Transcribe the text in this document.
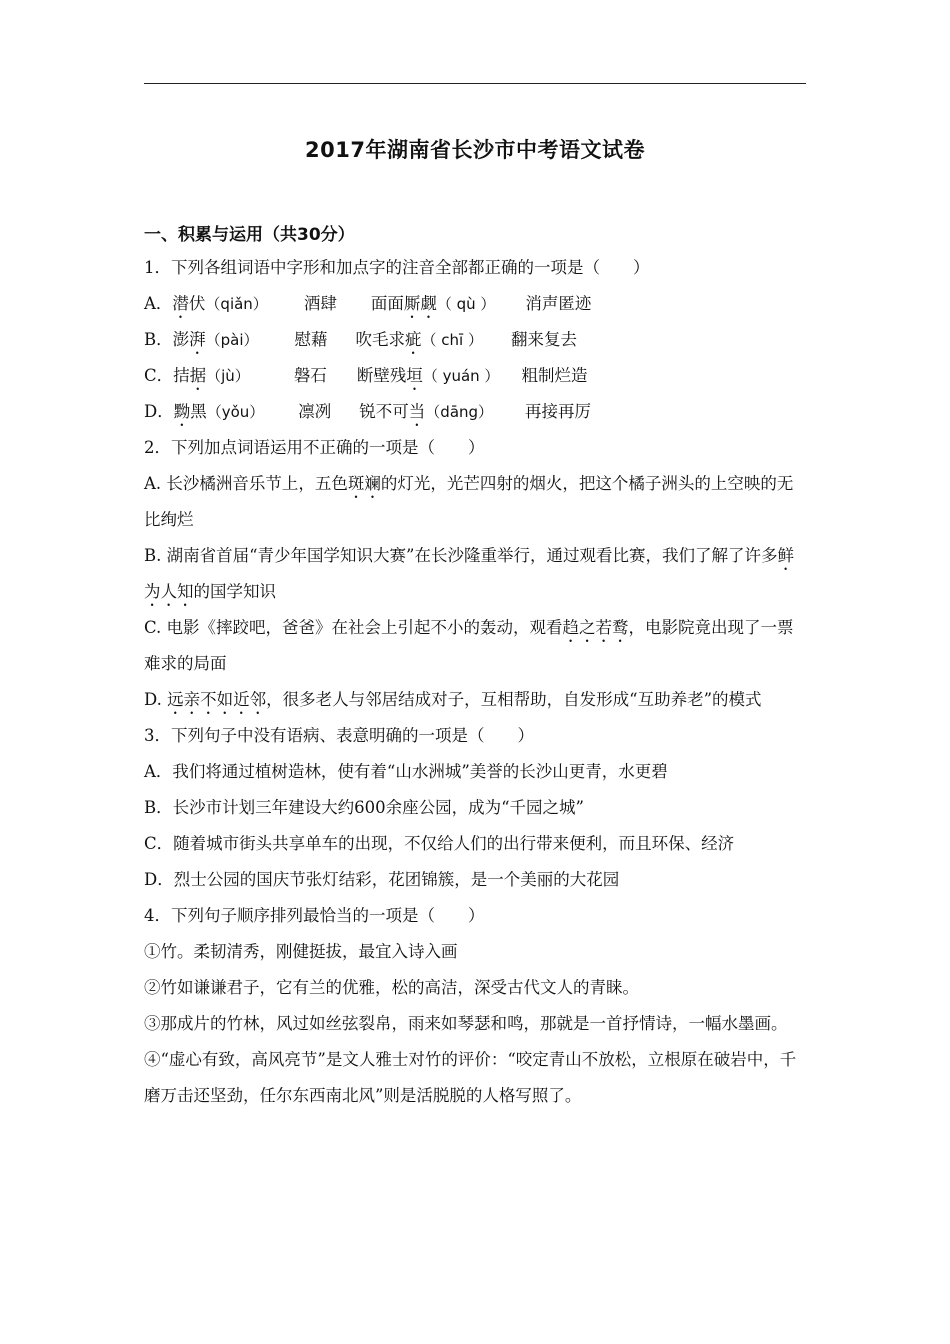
2017年湖南省长沙市中考语文试卷
一、积累与运用（共30分）
1．下列各组词语中字形和加点字的注音全部都正确的一项是（　　）
A． 潜伏 （qiǎn） 酒肆 面面厮觑 （ qù ） 消声匿迹
B． 澎湃 （pài） 慰藉 吹毛求疵 （ chī ） 翻来复去
C． 拮据 （jù）	磐石 断壁残垣 （ yuán ） 粗制烂造
D． 黝黑 （yǒu） 凛冽 锐不可当 （dāng） 再接再厉
2．下列加点词语运用不正确的一项是（　　）
A. 长沙橘洲音乐节上，五色斑斓的灯光，光芒四射的烟火，把这个橘子洲头的上空映的无比绚烂
B. 湖南省首届“青少年国学知识大赛”在长沙隆重举行，通过观看比赛，我们了解了许多鲜为人知的国学知识
C. 电影《摔跤吧，爸爸》在社会上引起不小的轰动，观看趋之若鹜，电影院竟出现了一票难求的局面
D. 远亲不如近邻，很多老人与邻居结成对子，互相帮助，自发形成“互助养老”的模式
3．下列句子中没有语病、表意明确的一项是（　　）
A．我们将通过植树造林，使有着“山水洲城”美誉的长沙山更青，水更碧
B．长沙市计划三年建设大约600余座公园，成为“千园之城”
C．随着城市街头共享单车的出现，不仅给人们的出行带来便利，而且环保、经济
D．烈士公园的国庆节张灯结彩，花团锦簇，是一个美丽的大花园
4．下列句子顺序排列最恰当的一项是（　　）
①竹。柔韧清秀，刚健挺拔，最宜入诗入画
②竹如谦谦君子，它有兰的优雅，松的高洁，深受古代文人的青睐。
③那成片的竹林，风过如丝弦裂帛，雨来如琴瑟和鸣，那就是一首抒情诗，一幅水墨画。
④“虚心有致，高风亮节”是文人雅士对竹的评价：“咬定青山不放松，立根原在破岩中，千磨万击还坚劲，任尔东西南北风”则是活脱脱的人格写照了。
